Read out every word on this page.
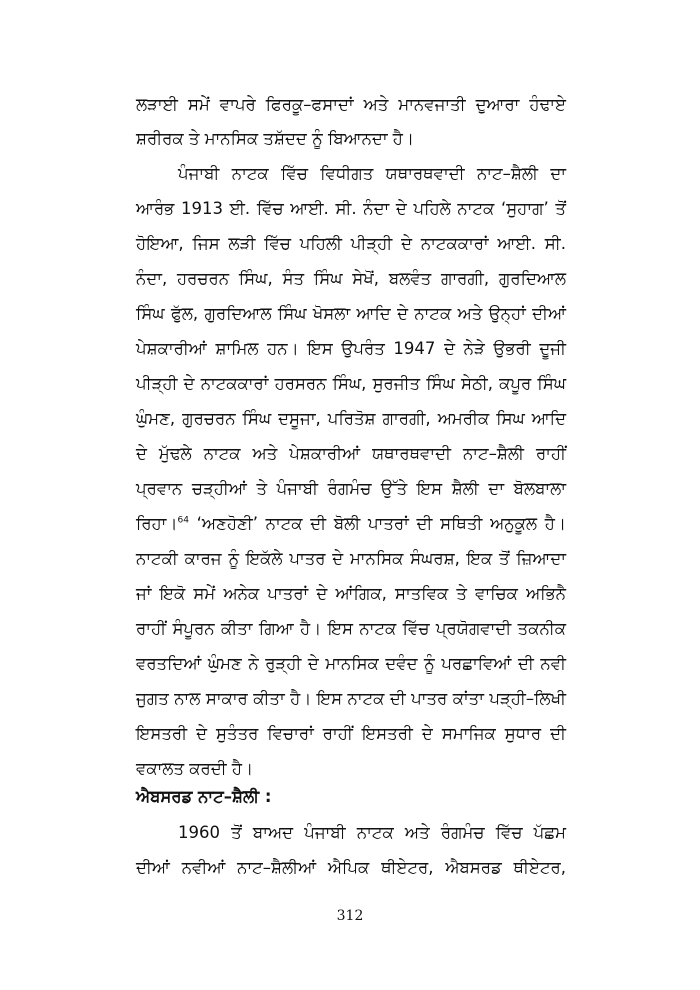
ਲੜਾਈ ਸਮੇਂ ਵਾਪਰੇ ਫਿਰਕੂ–ਫਸਾਦਾਂ ਅਤੇ ਮਾਨਵਜਾਤੀ ਦੁਆਰਾ ਹੰਢਾਏ
ਸ਼ਰੀਰਕ ਤੇ ਮਾਨਸਿਕ ਤਸ਼ੱਦਦ ਨੂੰ ਬਿਆਨਦਾ ਹੈ।
ਪੰਜਾਬੀ ਨਾਟਕ ਵਿੱਚ ਵਿਧੀਗਤ ਯਥਾਰਥਵਾਦੀ ਨਾਟ–ਸ਼ੈਲੀ ਦਾ
ਆਰੰਭ 1913 ਈ. ਵਿੱਚ ਆਈ. ਸੀ. ਨੰਦਾ ਦੇ ਪਹਿਲੇ ਨਾਟਕ ‘ਸੁਹਾਗ’ ਤੋਂ
ਹੋਇਆ, ਜਿਸ ਲੜੀ ਵਿੱਚ ਪਹਿਲੀ ਪੀੜ੍ਹੀ ਦੇ ਨਾਟਕਕਾਰਾਂ ਆਈ. ਸੀ.
ਨੰਦਾ, ਹਰਚਰਨ ਸਿੰਘ, ਸੰਤ ਸਿੰਘ ਸੇਖੋਂ, ਬਲਵੰਤ ਗਾਰਗੀ, ਗੁਰਦਿਆਲ
ਸਿੰਘ ਫੁੱਲ, ਗੁਰਦਿਆਲ ਸਿੰਘ ਖੋਸਲਾ ਆਦਿ ਦੇ ਨਾਟਕ ਅਤੇ ਉਨ੍ਹਾਂ ਦੀਆਂ
ਪੇਸ਼ਕਾਰੀਆਂ ਸ਼ਾਮਿਲ ਹਨ। ਇਸ ਉਪਰੰਤ 1947 ਦੇ ਨੇੜੇ ਉਭਰੀ ਦੂਜੀ
ਪੀੜ੍ਹੀ ਦੇ ਨਾਟਕਕਾਰਾਂ ਹਰਸਰਨ ਸਿੰਘ, ਸੁਰਜੀਤ ਸਿੰਘ ਸੇਠੀ, ਕਪੂਰ ਸਿੰਘ
ਘੁੰਮਣ, ਗੁਰਚਰਨ ਸਿੰਘ ਦਸੂਜਾ, ਪਰਿਤੋਸ਼ ਗਾਰਗੀ, ਅਮਰੀਕ ਸਿਘ ਆਦਿ
ਦੇ ਮੁੱਢਲੇ ਨਾਟਕ ਅਤੇ ਪੇਸ਼ਕਾਰੀਆਂ ਯਥਾਰਥਵਾਦੀ ਨਾਟ–ਸ਼ੈਲੀ ਰਾਹੀਂ
ਪ੍ਰਵਾਨ ਚੜ੍ਹੀਆਂ ਤੇ ਪੰਜਾਬੀ ਰੰਗਮੰਚ ਉੱਤੇ ਇਸ ਸ਼ੈਲੀ ਦਾ ਬੋਲਬਾਲਾ
ਰਿਹਾ।$^{64}$ ‘ਅਣਹੋਣੀ’ ਨਾਟਕ ਦੀ ਬੋਲੀ ਪਾਤਰਾਂ ਦੀ ਸਥਿਤੀ ਅਨੁਕੂਲ ਹੈ।
ਨਾਟਕੀ ਕਾਰਜ ਨੂੰ ਇਕੱਲੇ ਪਾਤਰ ਦੇ ਮਾਨਸਿਕ ਸੰਘਰਸ਼, ਇਕ ਤੋਂ ਜ਼ਿਆਦਾ
ਜਾਂ ਇਕੋ ਸਮੇਂ ਅਨੇਕ ਪਾਤਰਾਂ ਦੇ ਆਂਗਿਕ, ਸਾਤਵਿਕ ਤੇ ਵਾਚਿਕ ਅਭਿਨੈ
ਰਾਹੀਂ ਸੰਪੂਰਨ ਕੀਤਾ ਗਿਆ ਹੈ। ਇਸ ਨਾਟਕ ਵਿੱਚ ਪ੍ਰਯੋਗਵਾਦੀ ਤਕਨੀਕ
ਵਰਤਦਿਆਂ ਘੁੰਮਣ ਨੇ ਰੁੜ੍ਹੀ ਦੇ ਮਾਨਸਿਕ ਦਵੰਦ ਨੂੰ ਪਰਛਾਵਿਆਂ ਦੀ ਨਵੀ
ਜੁਗਤ ਨਾਲ ਸਾਕਾਰ ਕੀਤਾ ਹੈ। ਇਸ ਨਾਟਕ ਦੀ ਪਾਤਰ ਕਾਂਤਾ ਪੜ੍ਹੀ–ਲਿਖੀ
ਇਸਤਰੀ ਦੇ ਸੁਤੰਤਰ ਵਿਚਾਰਾਂ ਰਾਹੀਂ ਇਸਤਰੀ ਦੇ ਸਮਾਜਿਕ ਸੁਧਾਰ ਦੀ
ਵਕਾਲਤ ਕਰਦੀ ਹੈ।
ਐਬਸਰਡ ਨਾਟ–ਸ਼ੈਲੀ :
1960 ਤੋਂ ਬਾਅਦ ਪੰਜਾਬੀ ਨਾਟਕ ਅਤੇ ਰੰਗਮੰਚ ਵਿੱਚ ਪੱਛਮ
ਦੀਆਂ ਨਵੀਆਂ ਨਾਟ–ਸ਼ੈਲੀਆਂ ਐਪਿਕ ਥੀਏਟਰ, ਐਬਸਰਡ ਥੀਏਟਰ,
312
